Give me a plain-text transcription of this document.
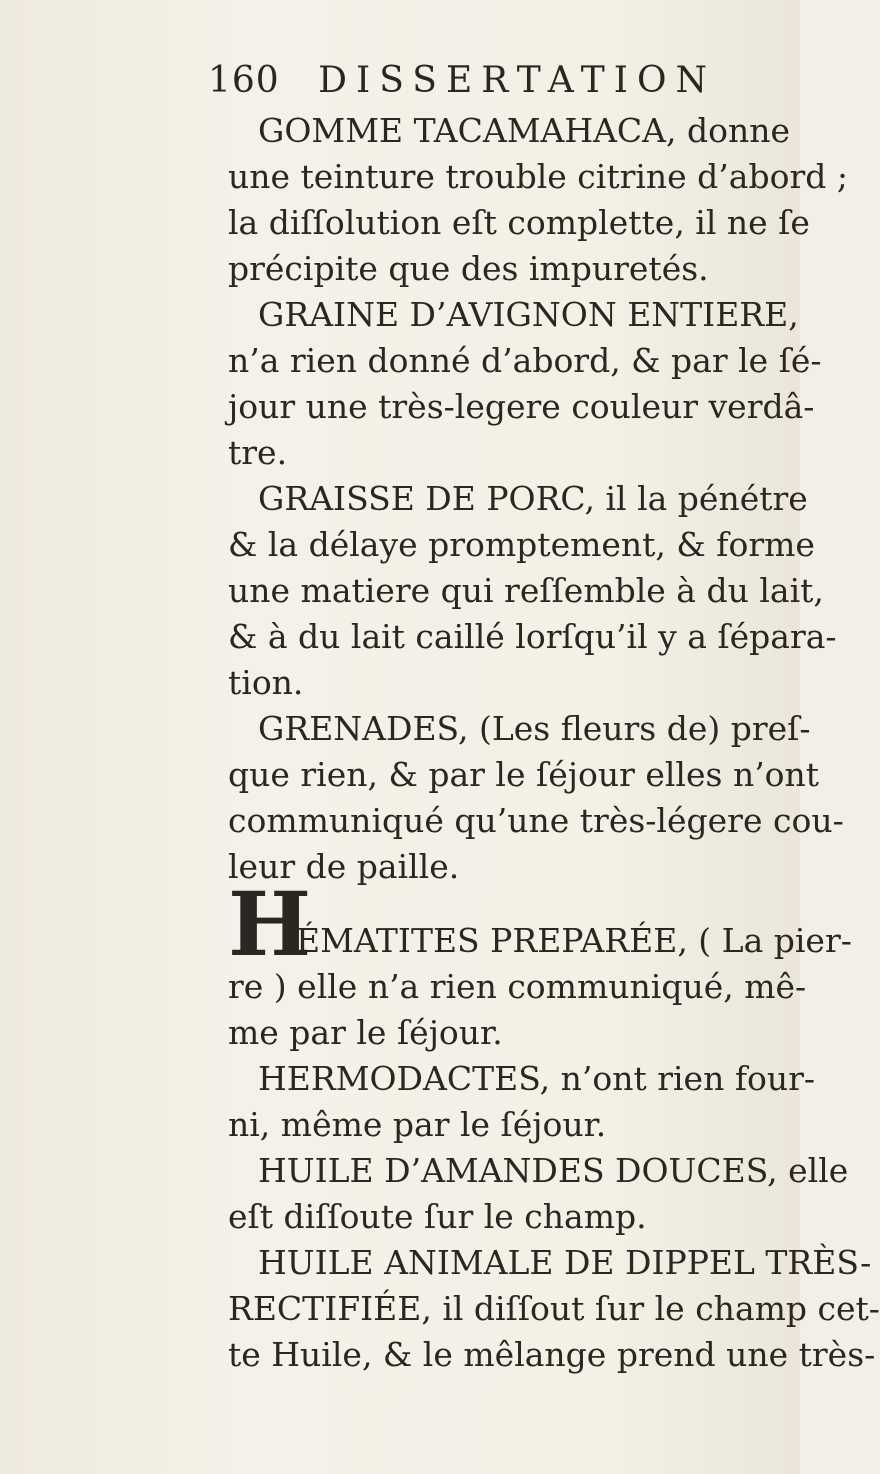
160 DISSERTATION
GOMME TACAMAHACA, donne
une teinture trouble citrine d’abord ;
la diſſolution eſt complette, il ne ſe
précipite que des impuretés.
GRAINE D’AVIGNON ENTIERE,
n’a rien donné d’abord, & par le ſé-
jour une très-legere couleur verdâ-
tre.
GRAISSE DE PORC, il la pénétre
& la délaye promptement, & forme
une matiere qui reſſemble à du lait,
& à du lait caillé lorſqu’il y a ſépara-
tion.
GRENADES, (Les fleurs de) preſ-
que rien, & par le ſéjour elles n’ont
communiqué qu’une très-légere cou-
leur de paille.
H
ÉMATITES PREPARÉE, ( La pier-
re ) elle n’a rien communiqué, mê-
me par le ſéjour.
HERMODACTES, n’ont rien four-
ni, même par le ſéjour.
HUILE D’AMANDES DOUCES, elle
eſt diſſoute ſur le champ.
HUILE ANIMALE DE DIPPEL TRÈS-
RECTIFIÉE, il diſſout ſur le champ cet-
te Huile, & le mêlange prend une très-
